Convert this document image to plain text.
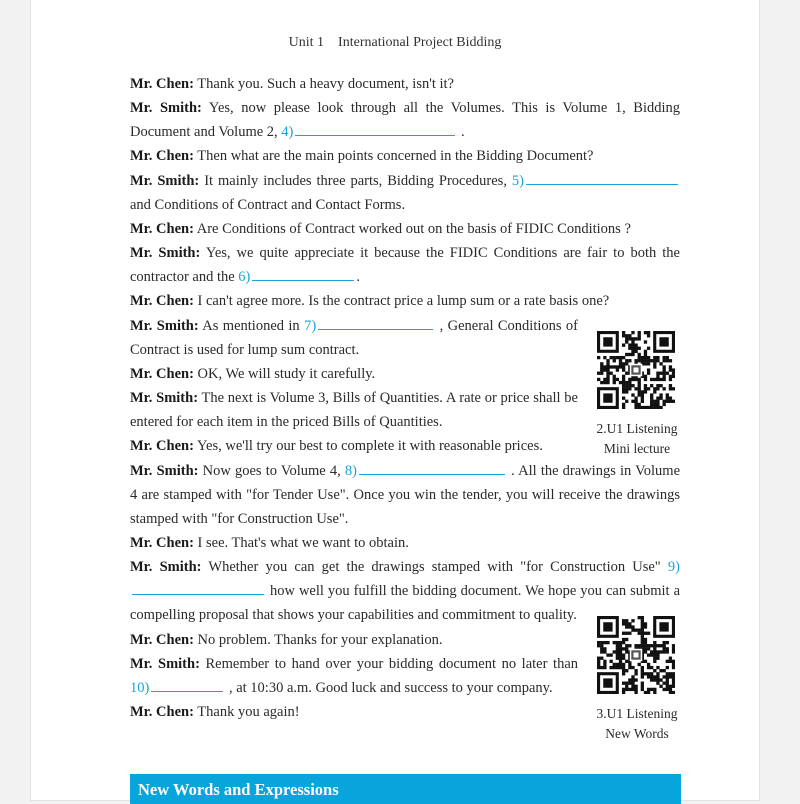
Unit 1 International Project Bidding
Mr. Chen: Thank you. Such a heavy document, isn't it?
Mr. Smith: Yes, now please look through all the Volumes. This is Volume 1, Bidding Document and Volume 2, 4)	.
Mr. Chen: Then what are the main points concerned in the Bidding Document?
Mr. Smith: It mainly includes three parts, Bidding Procedures, 5) and Conditions of Contract and Contact Forms.
Mr. Chen: Are Conditions of Contract worked out on the basis of FIDIC Conditions ?
Mr. Smith: Yes, we quite appreciate it because the FIDIC Conditions are fair to both the contractor and the 6)	.
Mr. Chen: I can't agree more. Is the contract price a lump sum or a rate basis one?
Mr. Smith: As mentioned in 7)	, General Conditions of Contract is used for lump sum contract.
Mr. Chen: OK, We will study it carefully.
Mr. Smith: The next is Volume 3, Bills of Quantities. A rate or price shall be entered for each item in the priced Bills of Quantities.
Mr. Chen: Yes, we'll try our best to complete it with reasonable prices.
Mr. Smith: Now goes to Volume 4, 8)	. All the drawings in Volume 4 are stamped with "for Tender Use". Once you win the tender, you will receive the drawings stamped with "for Construction Use".
Mr. Chen: I see. That's what we want to obtain.
Mr. Smith: Whether you can get the drawings stamped with "for Construction Use" 9) how well you fulfill the bidding document. We hope you can submit a compelling proposal that shows your capabilities and commitment to quality.
Mr. Chen: No problem. Thanks for your explanation.
Mr. Smith: Remember to hand over your bidding document no later than 10)	, at 10:30 a.m. Good luck and success to your company.
Mr. Chen: Thank you again!
2.U1 Listening
Mini lecture
3.U1 Listening
New Words
New Words and Expressions
